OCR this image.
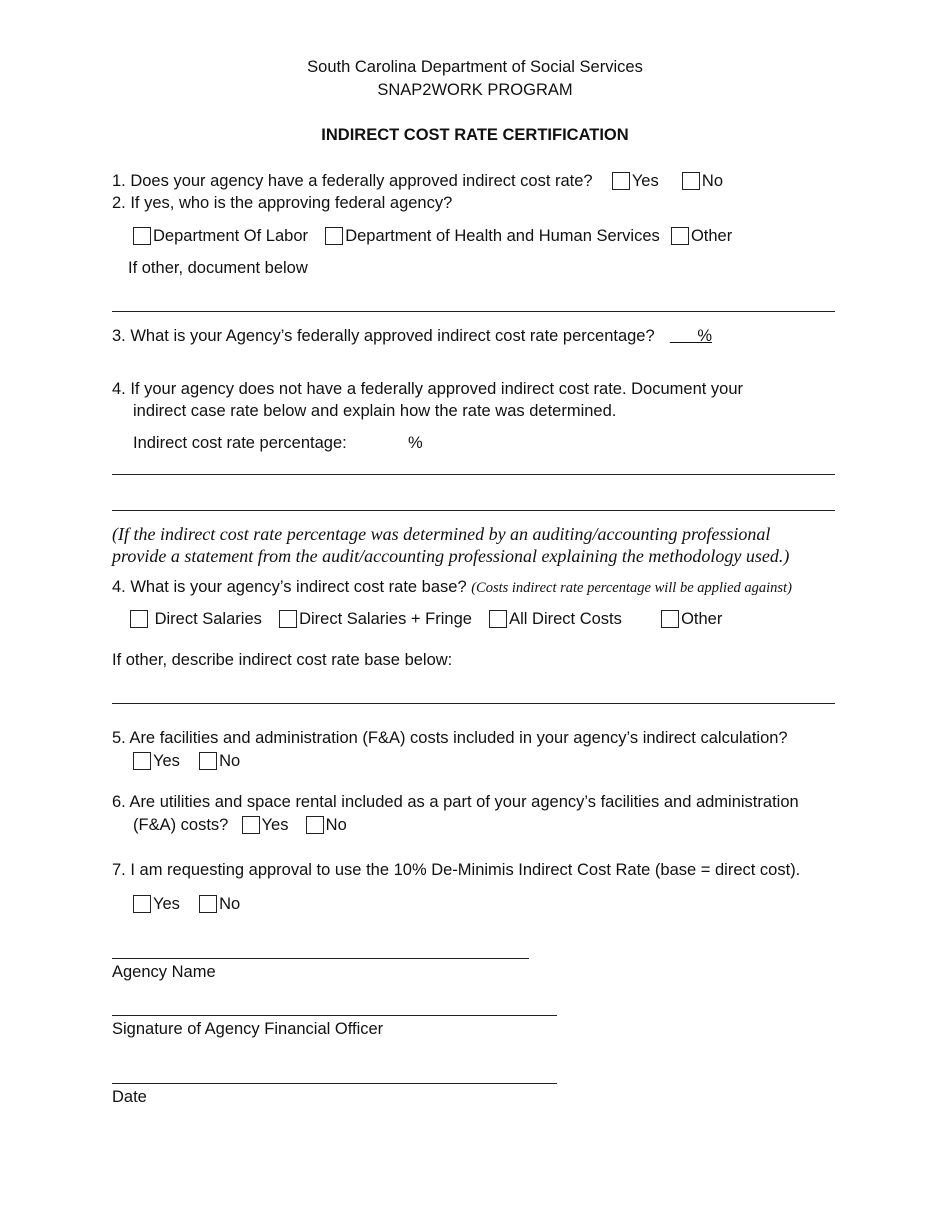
South Carolina Department of Social Services
SNAP2WORK PROGRAM
INDIRECT COST RATE CERTIFICATION
1. Does your agency have a federally approved indirect cost rate? Yes	No
2. If yes, who is the approving federal agency?
Department Of Labor Department of Health and Human Services Other
If other, document below
3. What is your Agency’s federally approved indirect cost rate percentage?        %
4. If your agency does not have a federally approved indirect cost rate. Document your
indirect case rate below and explain how the rate was determined.
Indirect cost rate percentage:	%
(If the indirect cost rate percentage was determined by an auditing/accounting professional
provide a statement from the audit/accounting professional explaining the methodology used.)
4. What is your agency’s indirect cost rate base? (Costs indirect rate percentage will be applied against)
Direct Salaries Direct Salaries + Fringe All Direct Costs	Other
If other, describe indirect cost rate base below:
5. Are facilities and administration (F&A) costs included in your agency’s indirect calculation?
Yes No
6. Are utilities and space rental included as a part of your agency’s facilities and administration
(F&A) costs? Yes No
7. I am requesting approval to use the 10% De-Minimis Indirect Cost Rate (base = direct cost).
Yes No
Agency Name
Signature of Agency Financial Officer
Date
